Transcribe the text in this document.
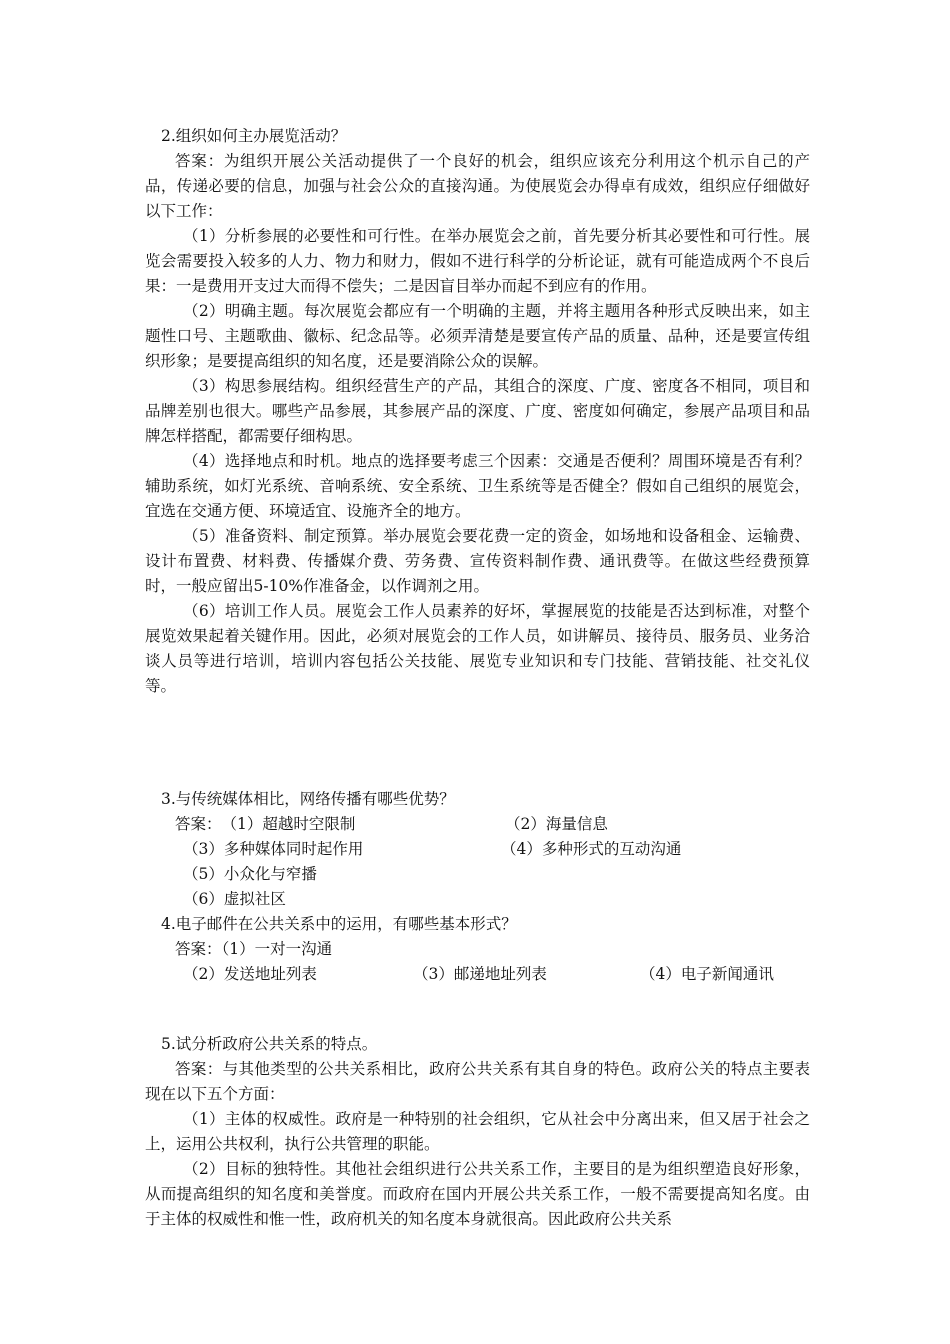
2.组织如何主办展览活动？

答案：为组织开展公关活动提供了一个良好的机会，组织应该充分利用这个机示自己的产品，传递必要的信息，加强与社会公众的直接沟通。为使展览会办得卓有成效，组织应仔细做好以下工作：

（1）分析参展的必要性和可行性。在举办展览会之前，首先要分析其必要性和可行性。展览会需要投入较多的人力、物力和财力，假如不进行科学的分析论证，就有可能造成两个不良后果：一是费用开支过大而得不偿失；二是因盲目举办而起不到应有的作用。

（2）明确主题。每次展览会都应有一个明确的主题，并将主题用各种形式反映出来，如主题性口号、主题歌曲、徽标、纪念品等。必须弄清楚是要宣传产品的质量、品种，还是要宣传组织形象；是要提高组织的知名度，还是要消除公众的误解。

（3）构思参展结构。组织经营生产的产品，其组合的深度、广度、密度各不相同，项目和品牌差别也很大。哪些产品参展，其参展产品的深度、广度、密度如何确定，参展产品项目和品牌怎样搭配，都需要仔细构思。

（4）选择地点和时机。地点的选择要考虑三个因素：交通是否便利？周围环境是否有利？辅助系统，如灯光系统、音响系统、安全系统、卫生系统等是否健全？假如自己组织的展览会，宜选在交通方便、环境适宜、设施齐全的地方。

（5）准备资料、制定预算。举办展览会要花费一定的资金，如场地和设备租金、运输费、设计布置费、材料费、传播媒介费、劳务费、宣传资料制作费、通讯费等。在做这些经费预算时，一般应留出5-10%作准备金，以作调剂之用。

（6）培训工作人员。展览会工作人员素养的好坏，掌握展览的技能是否达到标准，对整个展览效果起着关键作用。因此，必须对展览会的工作人员，如讲解员、接待员、服务员、业务洽谈人员等进行培训，培训内容包括公关技能、展览专业知识和专门技能、营销技能、社交礼仪等。

3.与传统媒体相比，网络传播有哪些优势？

答案：（1）超越时空限制	（2）海量信息
（3）多种媒体同时起作用	（4）多种形式的互动沟通

（5）小众化与窄播

（6）虚拟社区

4.电子邮件在公共关系中的运用，有哪些基本形式？

答案：（1）一对一沟通

（2）发送地址列表	（3）邮递地址列表	（4）电子新闻通讯

5.试分析政府公共关系的特点。

答案：与其他类型的公共关系相比，政府公共关系有其自身的特色。政府公关的特点主要表现在以下五个方面：

（1）主体的权威性。政府是一种特别的社会组织，它从社会中分离出来，但又居于社会之上，运用公共权利，执行公共管理的职能。

（2）目标的独特性。其他社会组织进行公共关系工作，主要目的是为组织塑造良好形象，从而提高组织的知名度和美誉度。而政府在国内开展公共关系工作，一般不需要提高知名度。由于主体的权威性和惟一性，政府机关的知名度本身就很高。因此政府公共关系
